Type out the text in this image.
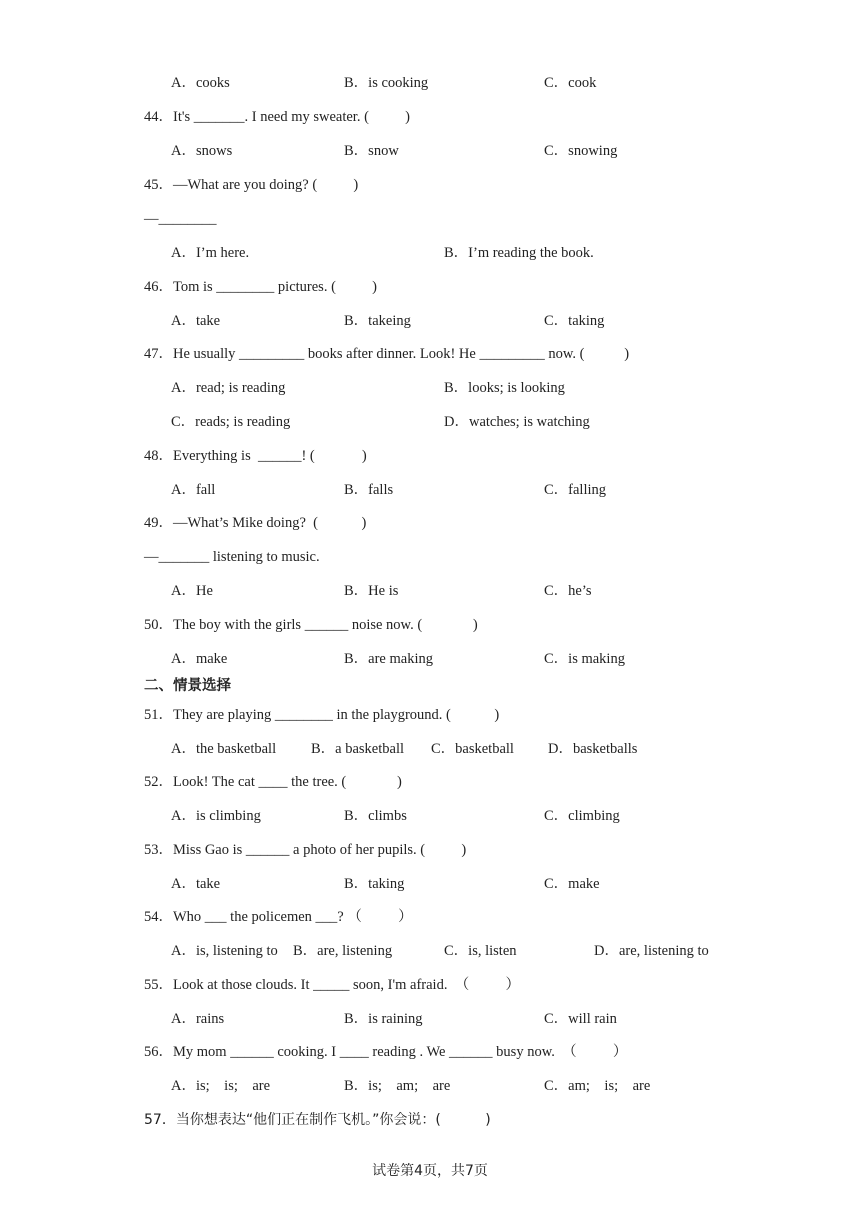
A．cooks	B．is cooking	C．cook
44．It's _______. I need my sweater. (          )
A．snows	B．snow	C．snowing
45．—What are you doing? (          )
—________
A．I’m here.	B．I’m reading the book.
46．Tom is ________ pictures. (          )
A．take	B．takeing	C．taking
47．He usually _________ books after dinner. Look! He _________ now. (           )
A．read; is reading	B．looks; is looking
C．reads; is reading	D．watches; is watching
48．Everything is  ______! (             )
A．fall	B．falls	C．falling
49．—What’s Mike doing?  (            )
—_______ listening to music.
A．He	B．He is	C．he’s
50．The boy with the girls ______ noise now. (              )
A．make	B．are making	C．is making
二、情景选择
51．They are playing ________ in the playground. (            )
A．the basketball B．a basketball C．basketball D．basketballs
52．Look! The cat ____ the tree. (              )
A．is climbing	B．climbs	C．climbing
53．Miss Gao is ______ a photo of her pupils. (          )
A．take	B．taking	C．make
54．Who ___ the policemen ___? （          ）
A．is, listening to B．are, listening	C．is, listen	D．are, listening to
55．Look at those clouds. It _____ soon, I'm afraid.  （          ）
A．rains	B．is raining	C．will rain
56．My mom ______ cooking. I ____ reading . We ______ busy now.  （          ）
A．is;    is;    are	B．is;    am;    are	C．am;    is;    are
57．当你想表达“他们正在制作飞机。”你会说：(          )
试卷第4页，共7页
